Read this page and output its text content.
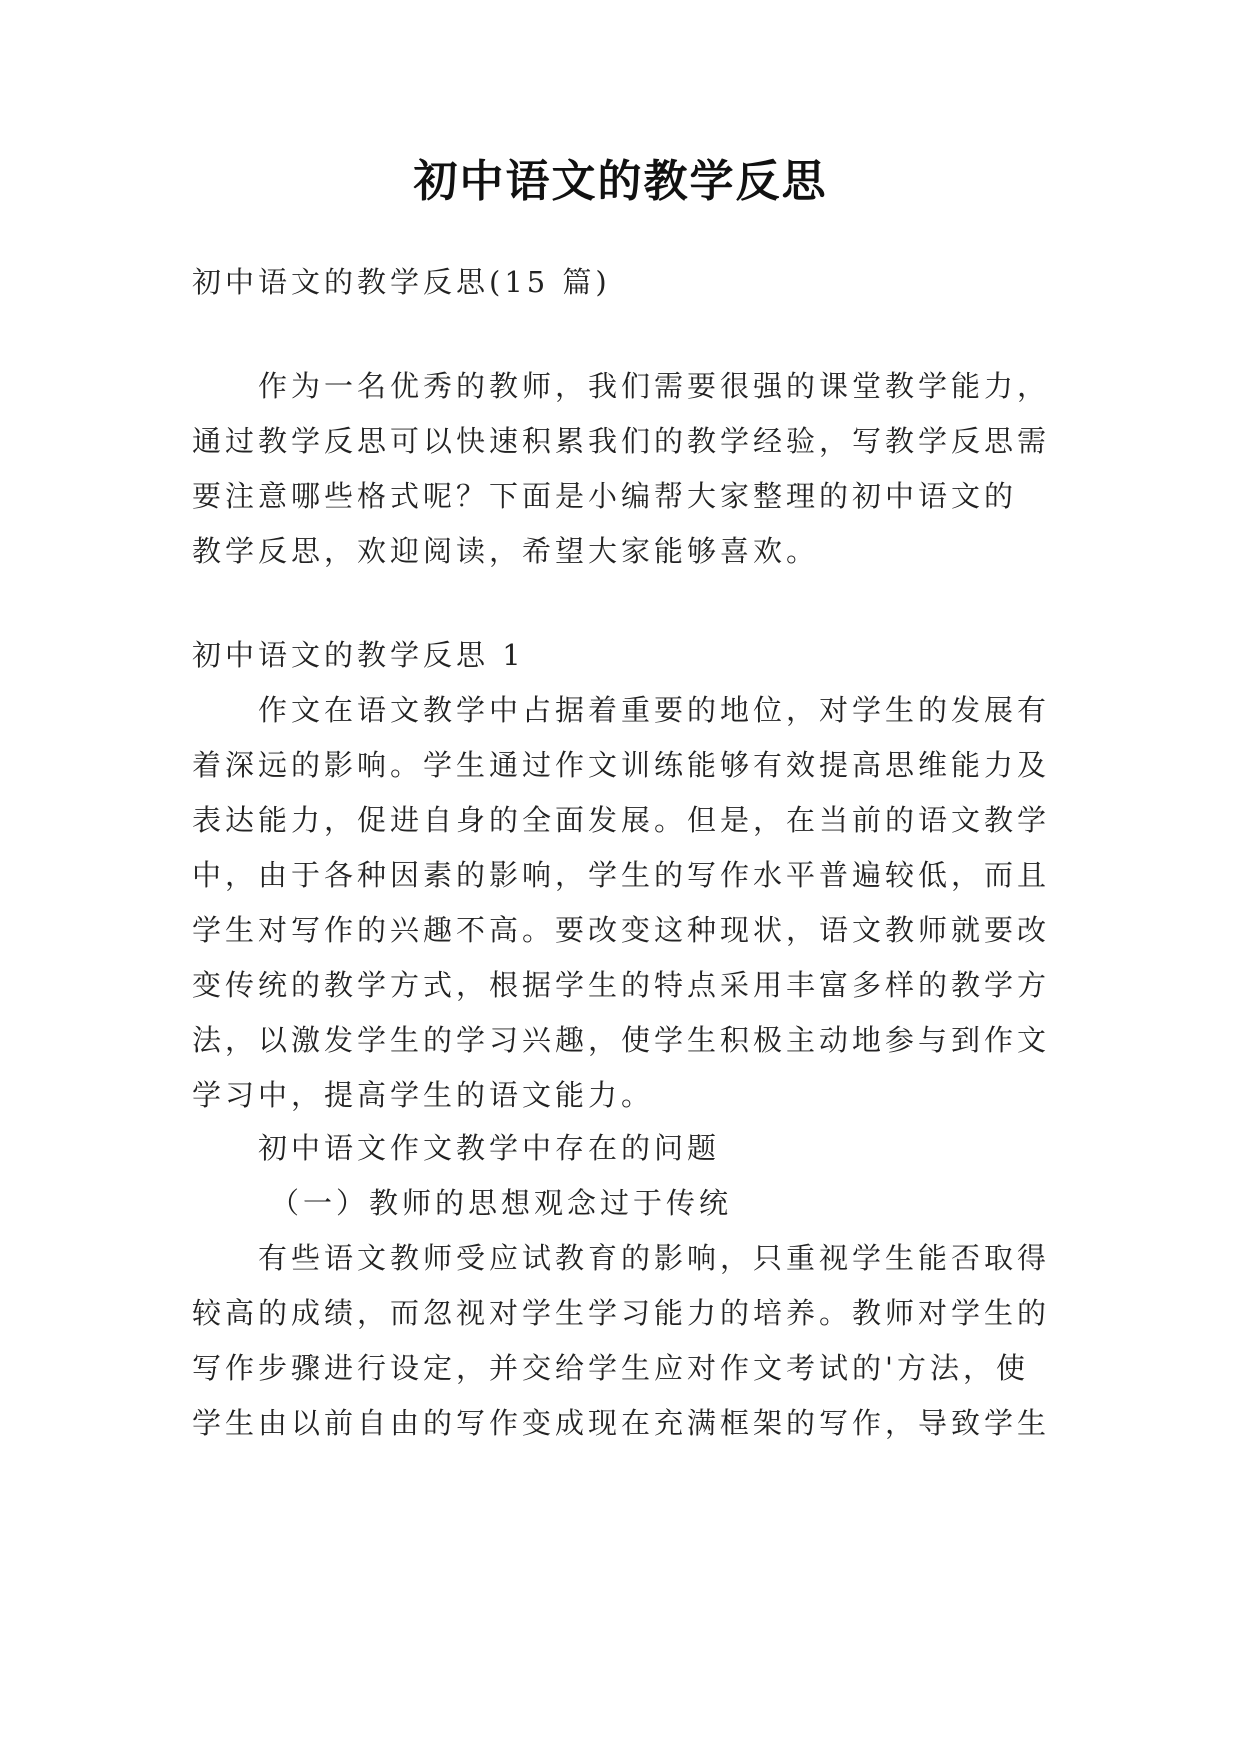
初中语文的教学反思
初中语文的教学反思(15 篇)
作为一名优秀的教师，我们需要很强的课堂教学能力，
通过教学反思可以快速积累我们的教学经验，写教学反思需
要注意哪些格式呢？下面是小编帮大家整理的初中语文的
教学反思，欢迎阅读，希望大家能够喜欢。
初中语文的教学反思 1
作文在语文教学中占据着重要的地位，对学生的发展有
着深远的影响。学生通过作文训练能够有效提高思维能力及
表达能力，促进自身的全面发展。但是，在当前的语文教学
中，由于各种因素的影响，学生的写作水平普遍较低，而且
学生对写作的兴趣不高。要改变这种现状，语文教师就要改
变传统的教学方式，根据学生的特点采用丰富多样的教学方
法，以激发学生的学习兴趣，使学生积极主动地参与到作文
学习中，提高学生的语文能力。
初中语文作文教学中存在的问题
（一）教师的思想观念过于传统
有些语文教师受应试教育的影响，只重视学生能否取得
较高的成绩，而忽视对学生学习能力的培养。教师对学生的
写作步骤进行设定，并交给学生应对作文考试的'方法，使
学生由以前自由的写作变成现在充满框架的写作，导致学生
